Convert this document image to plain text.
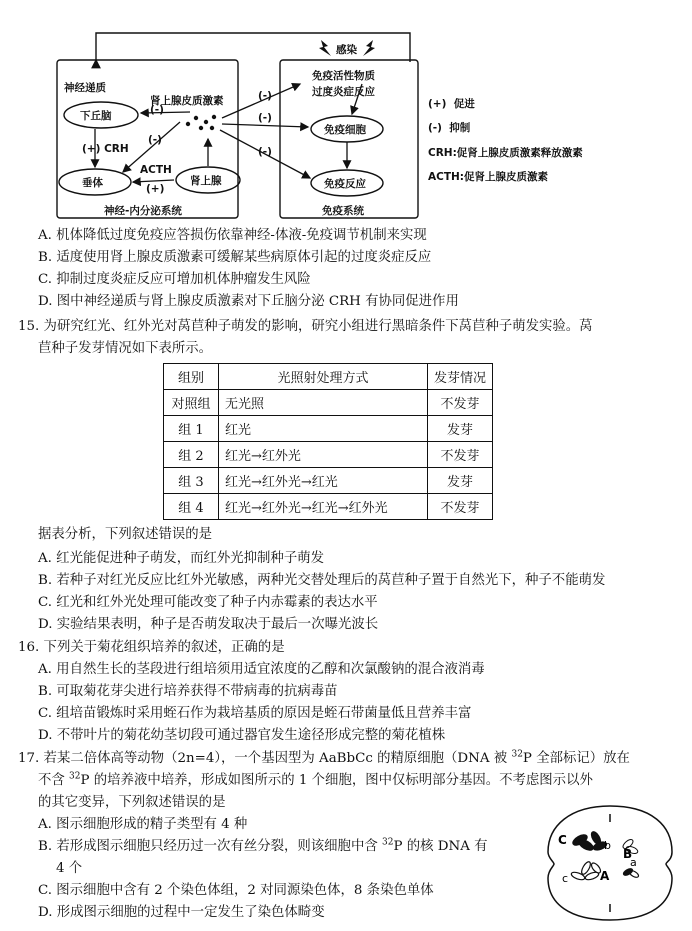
神经递质
下丘脑
垂体	肾上腺
肾上腺皮质激素
(+) CRH
ACTH
(+)
(-)
(-)
(-)
(-)
(-)
神经-内分泌系统
感染
免疫活性物质
过度炎症反应
免疫细胞
免疫反应
免疫系统
(+) 促进
(-) 抑制
CRH:促肾上腺皮质激素释放激素
ACTH:促肾上腺皮质激素
A. 机体降低过度免疫应答损伤依靠神经-体液-免疫调节机制来实现
B. 适度使用肾上腺皮质激素可缓解某些病原体引起的过度炎症反应
C. 抑制过度炎症反应可增加机体肿瘤发生风险
D. 图中神经递质与肾上腺皮质激素对下丘脑分泌 CRH 有协同促进作用
15. 为研究红光、红外光对莴苣种子萌发的影响，研究小组进行黑暗条件下莴苣种子萌发实验。莴
苣种子发芽情况如下表所示。
组别	光照射处理方式	发芽情况
对照组	无光照	不发芽
组 1	红光	发芽
组 2	红光→红外光	不发芽
组 3	红光→红外光→红光	发芽
组 4	红光→红外光→红光→红外光	不发芽
据表分析，下列叙述错误的是
A. 红光能促进种子萌发，而红外光抑制种子萌发
B. 若种子对红光反应比红外光敏感，两种光交替处理后的莴苣种子置于自然光下，种子不能萌发
C. 红光和红外光处理可能改变了种子内赤霉素的表达水平
D. 实验结果表明，种子是否萌发取决于最后一次曝光波长
16. 下列关于菊花组织培养的叙述，正确的是
A. 用自然生长的茎段进行组培须用适宜浓度的乙醇和次氯酸钠的混合液消毒
B. 可取菊花芽尖进行培养获得不带病毒的抗病毒苗
C. 组培苗锻炼时采用蛭石作为栽培基质的原因是蛭石带菌量低且营养丰富
D. 不带叶片的菊花幼茎切段可通过器官发生途径形成完整的菊花植株
17. 若某二倍体高等动物（2n=4），一个基因型为 AaBbCc 的精原细胞（DNA 被 $^{32}$P 全部标记）放在
不含 $^{32}$P 的培养液中培养，形成如图所示的 1 个细胞，图中仅标明部分基因。不考虑图示以外
的其它变异，下列叙述错误的是
A. 图示细胞形成的精子类型有 4 种
B. 若形成图示细胞只经历过一次有丝分裂，则该细胞中含 $^{32}$P 的核 DNA 有
4 个
C. 图示细胞中含有 2 个染色体组，2 对同源染色体，8 条染色单体
D. 形成图示细胞的过程中一定发生了染色体畸变
C	b
B
A
a
c
